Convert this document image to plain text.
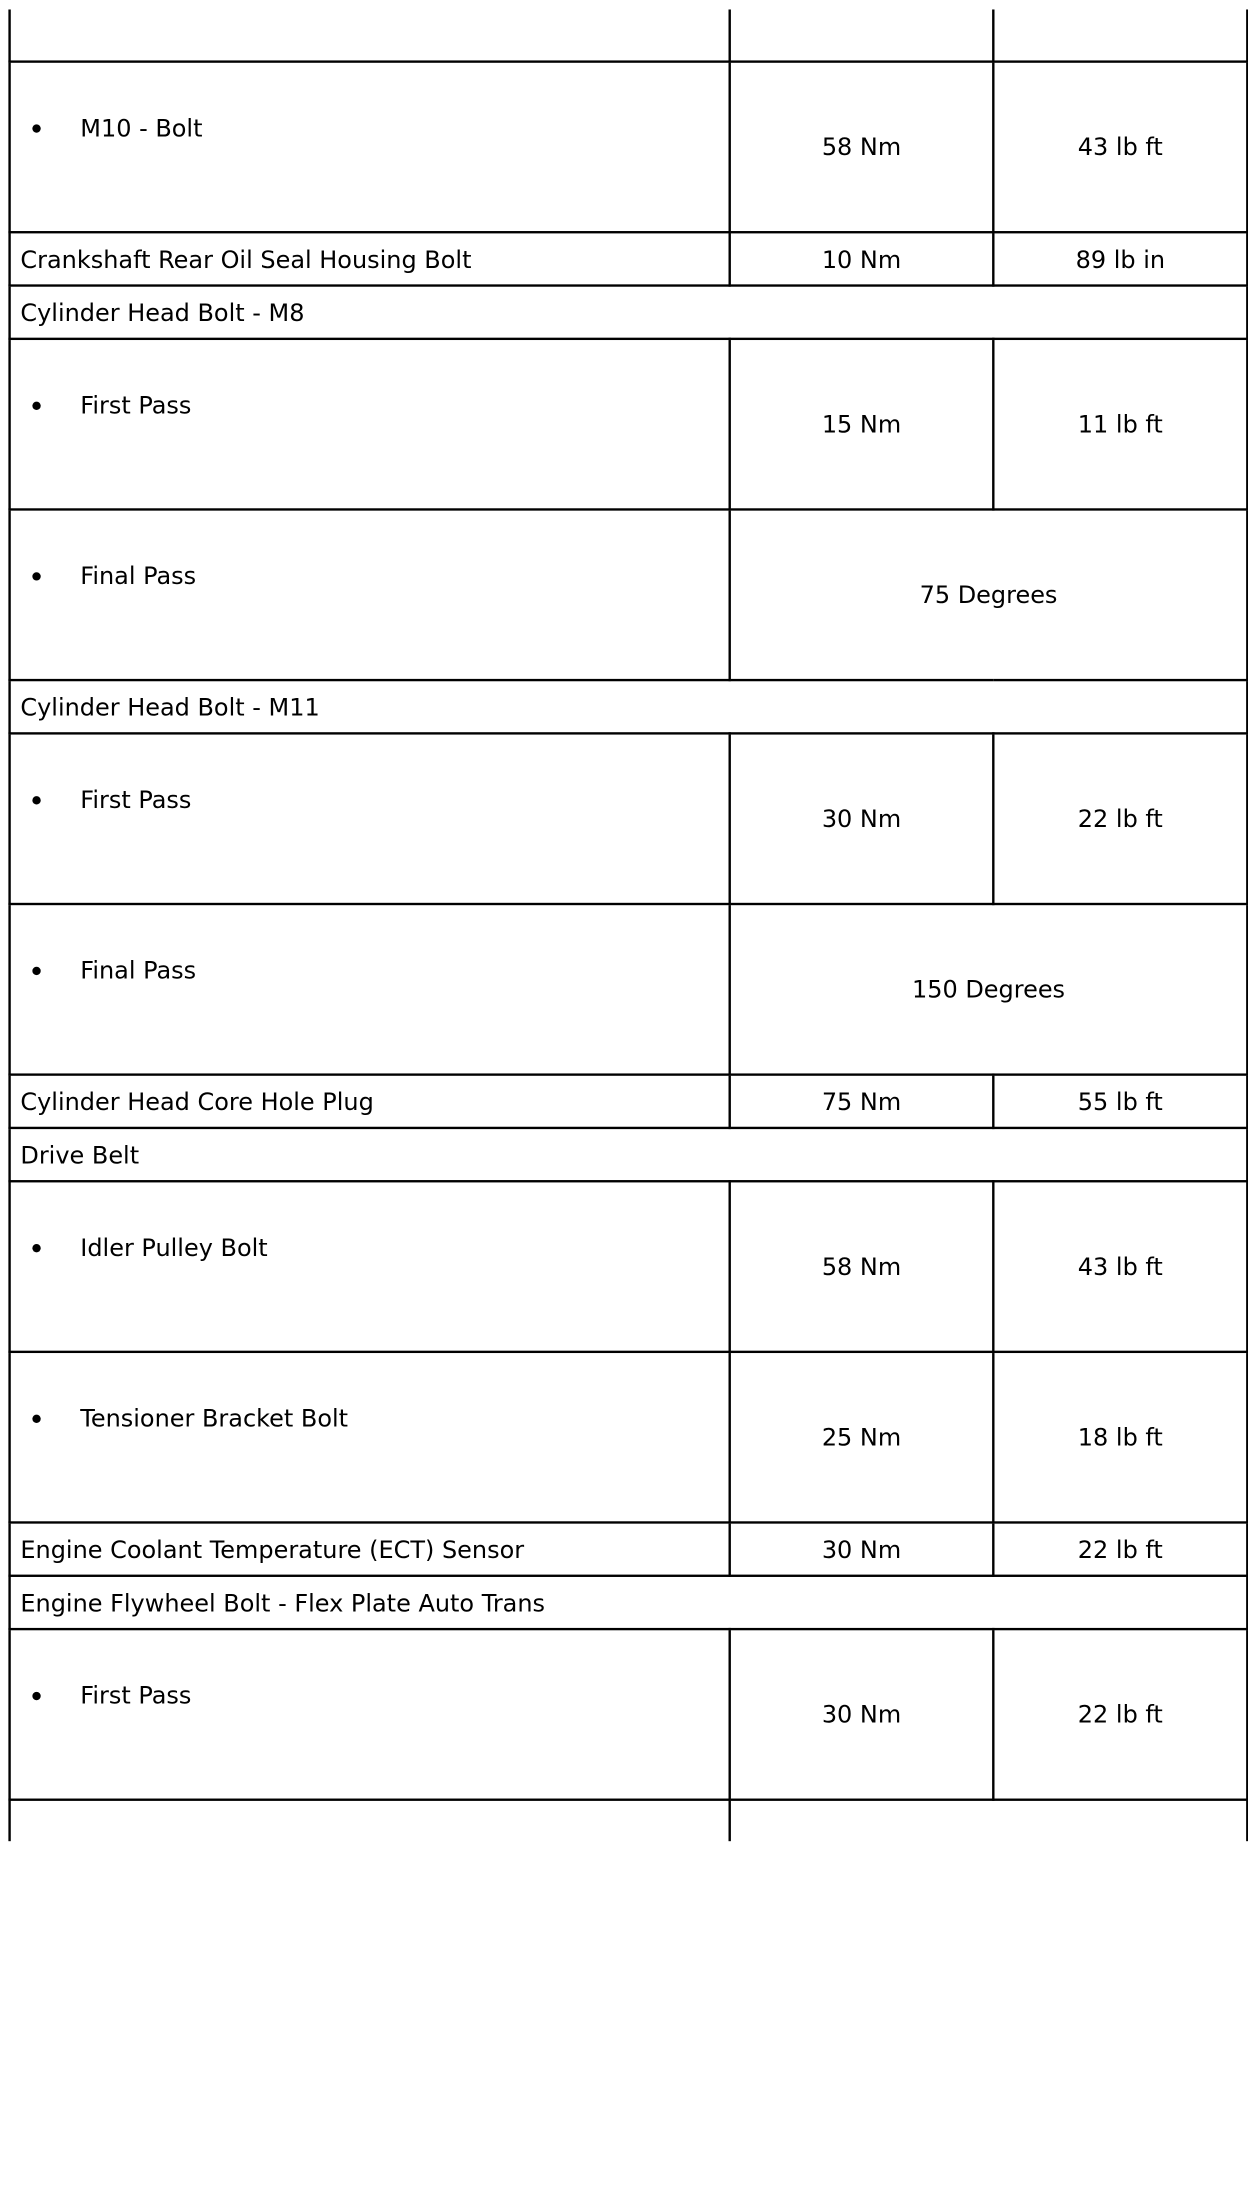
M10 - Bolt	58 Nm	43 lb ft
Crankshaft Rear Oil Seal Housing Bolt	10 Nm	89 lb in
Cylinder Head Bolt - M8		

First Pass	15 Nm	11 lb ft

Final Pass	75 Degrees	
Cylinder Head Bolt - M11		

First Pass	30 Nm	22 lb ft

Final Pass	150 Degrees	
Cylinder Head Core Hole Plug	75 Nm	55 lb ft
Drive Belt		

Idler Pulley Bolt	58 Nm	43 lb ft

Tensioner Bracket Bolt	25 Nm	18 lb ft
Engine Coolant Temperature (ECT) Sensor	30 Nm	22 lb ft
Engine Flywheel Bolt - Flex Plate Auto Trans		

First Pass	30 Nm	22 lb ft
